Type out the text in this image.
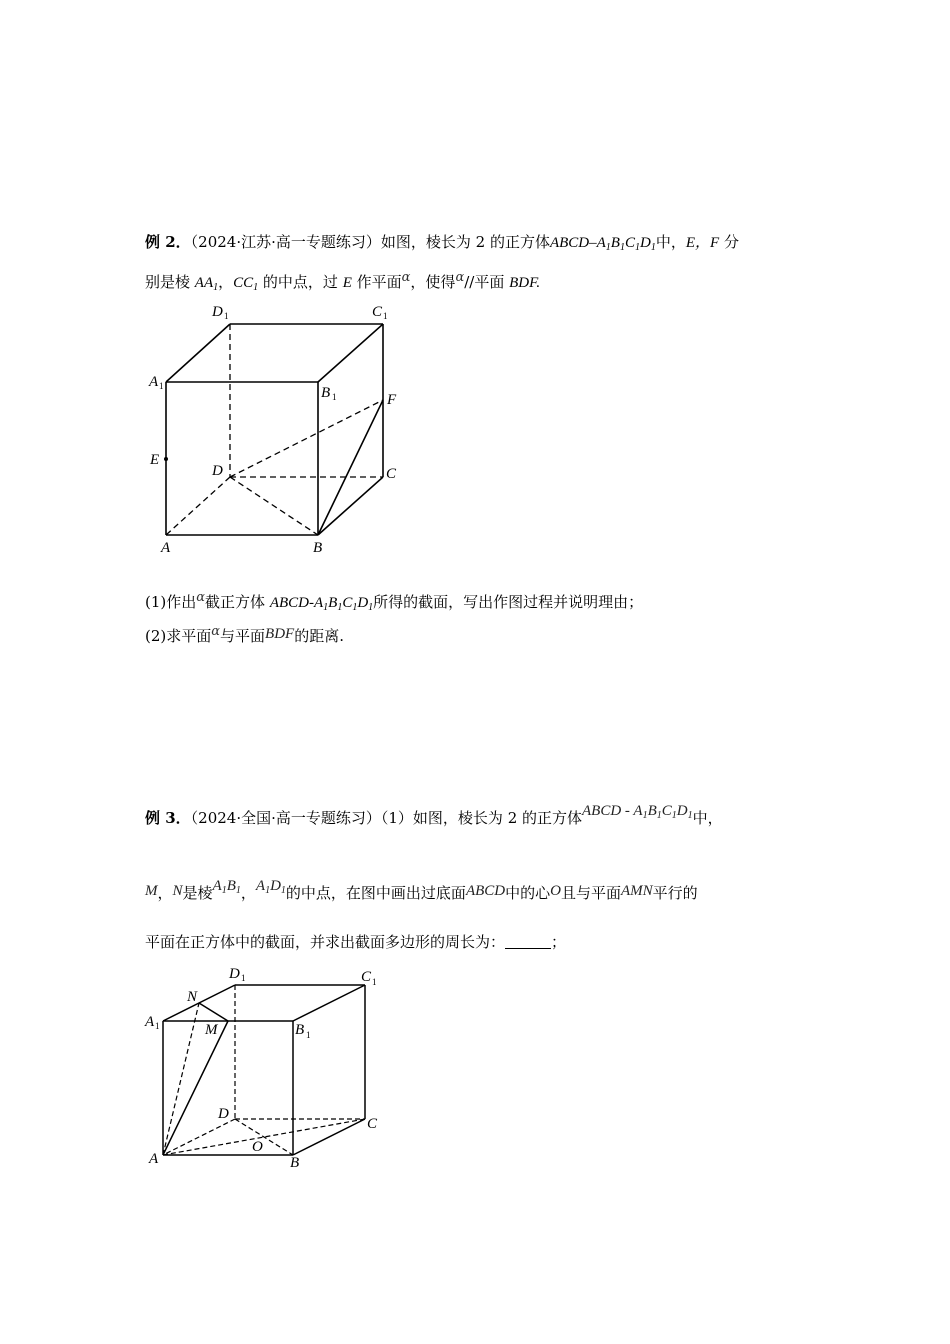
例 2．（2024·江苏·高一专题练习）如图，棱长为 2 的正方体ABCD–$A_1B_1C_1D_1$中，E，F 分
别是棱 $AA_1$，$CC_1$ 的中点，过 E 作平面α，使得α//平面 BDF.
D 1	C 1
A 1	B 1	F
E
D	C
A	B
(1)作出α截正方体 ABCD-$A_1B_1C_1D_1$所得的截面，写出作图过程并说明理由；
(2)求平面α与平面BDF的距离.
例 3．（2024·全国·高一专题练习）（1）如图，棱长为 2 的正方体ABCD - $A_1B_1C_1D_1$中，
M，N是棱$A_1B_1$，$A_1D_1$的中点，在图中画出过底面ABCD中的心O且与平面AMN平行的
平面在正方体中的截面，并求出截面多边形的周长为：	；
D 1	C 1
N
A 1	M	B 1
D
C
O
A	B
